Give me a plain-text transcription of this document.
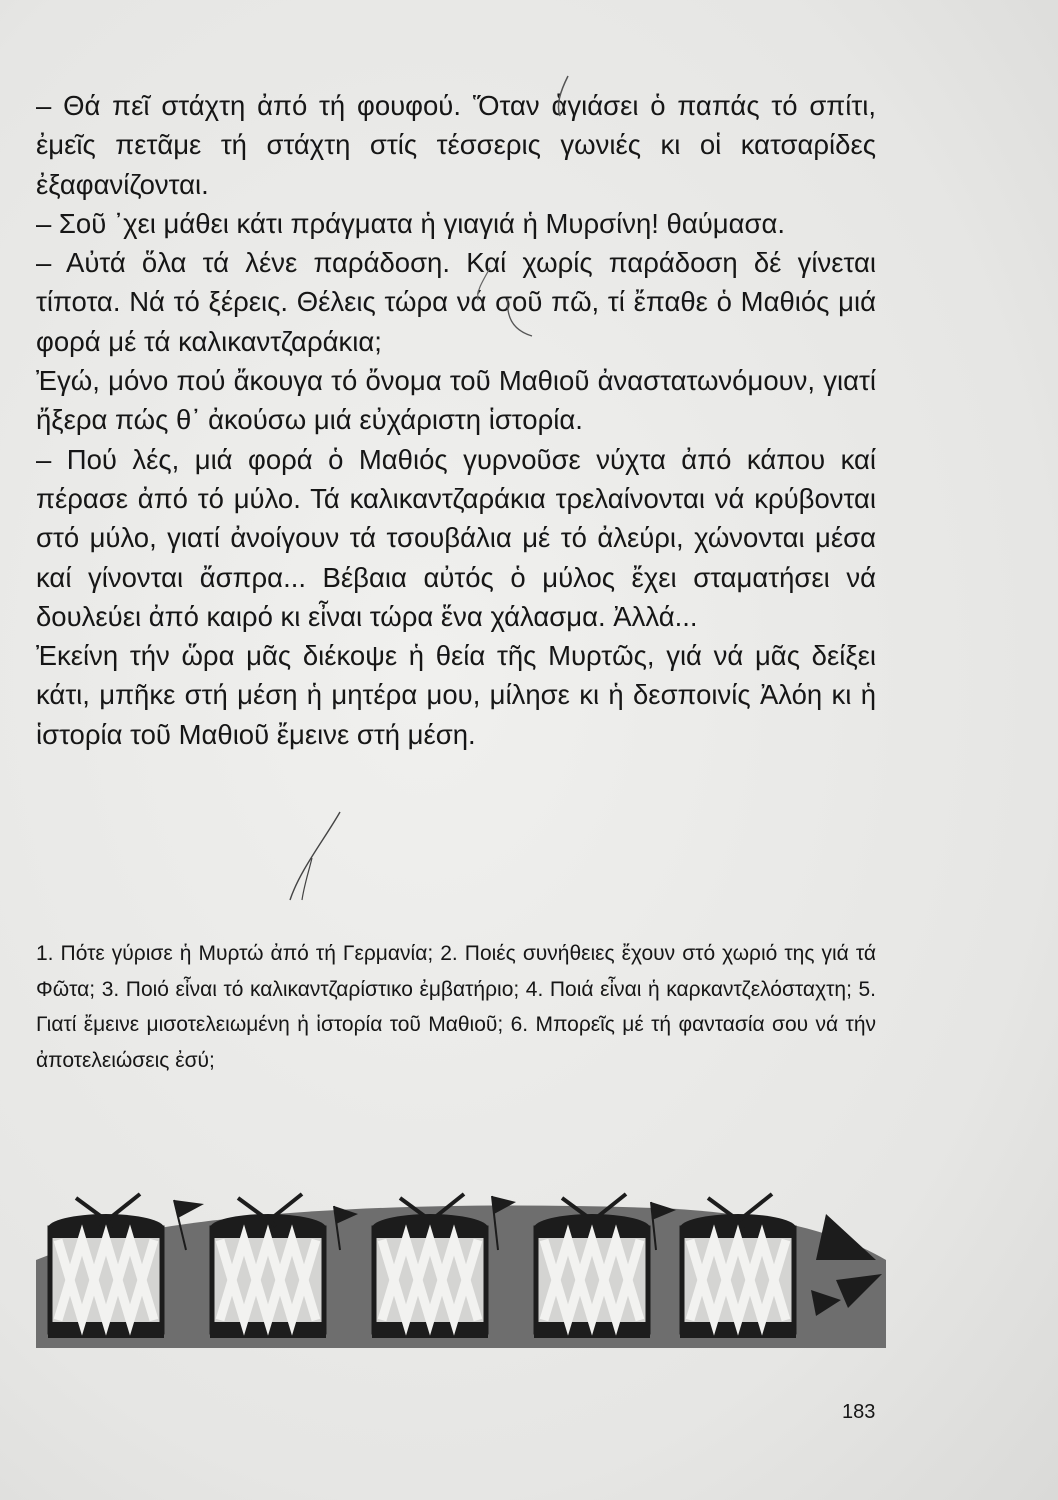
– Θά πεῖ στάχτη ἀπό τή φουφού. Ὅταν ἁγιάσει ὁ παπάς τό σπίτι, ἐμεῖς πετᾶμε τή στάχτη στίς τέσσερις γωνιές κι οἱ κατσαρίδες ἐξαφανίζονται.

– Σοῦ ᾿χει μάθει κάτι πράγματα ἡ γιαγιά ἡ Μυρσίνη! θαύμασα.

– Αὐτά ὅλα τά λένε παράδοση. Καί χωρίς παράδοση δέ γίνεται τίποτα. Νά τό ξέρεις. Θέλεις τώρα νά σοῦ πῶ, τί ἔπαθε ὁ Μαθιός μιά φορά μέ τά καλικαντζαράκια;

Ἐγώ, μόνο πού ἄκουγα τό ὄνομα τοῦ Μαθιοῦ ἀναστατωνόμουν, γιατί ἤξερα πώς θ᾿ ἀκούσω μιά εὐχάριστη ἱστορία.

– Πού λές, μιά φορά ὁ Μαθιός γυρνοῦσε νύχτα ἀπό κάπου καί πέρασε ἀπό τό μύλο. Τά καλικαντζαράκια τρελαίνονται νά κρύβονται στό μύλο, γιατί ἀνοίγουν τά τσουβάλια μέ τό ἀλεύρι, χώνονται μέσα καί γίνονται ἄσπρα... Βέβαια αὐτός ὁ μύλος ἔχει σταματήσει νά δουλεύει ἀπό καιρό κι εἶναι τώρα ἕνα χάλασμα. Ἀλλά...

Ἐκείνη τήν ὥρα μᾶς διέκοψε ἡ θεία τῆς Μυρτῶς, γιά νά μᾶς δείξει κάτι, μπῆκε στή μέση ἡ μητέρα μου, μίλησε κι ἡ δεσποινίς Ἀλόη κι ἡ ἱστορία τοῦ Μαθιοῦ ἔμεινε στή μέση.

1. Πότε γύρισε ἡ Μυρτώ ἀπό τή Γερμανία; 2. Ποιές συνήθειες ἔχουν στό χωριό της γιά τά Φῶτα; 3. Ποιό εἶναι τό καλικαντζαρίστικο ἐμβατήριο; 4. Ποιά εἶναι ἡ καρκαντζελόσταχτη; 5. Γιατί ἔμεινε μισοτελειωμένη ἡ ἱστορία τοῦ Μαθιοῦ; 6. Μπορεῖς μέ τή φαντασία σου νά τήν ἀποτελειώσεις ἐσύ;

183
